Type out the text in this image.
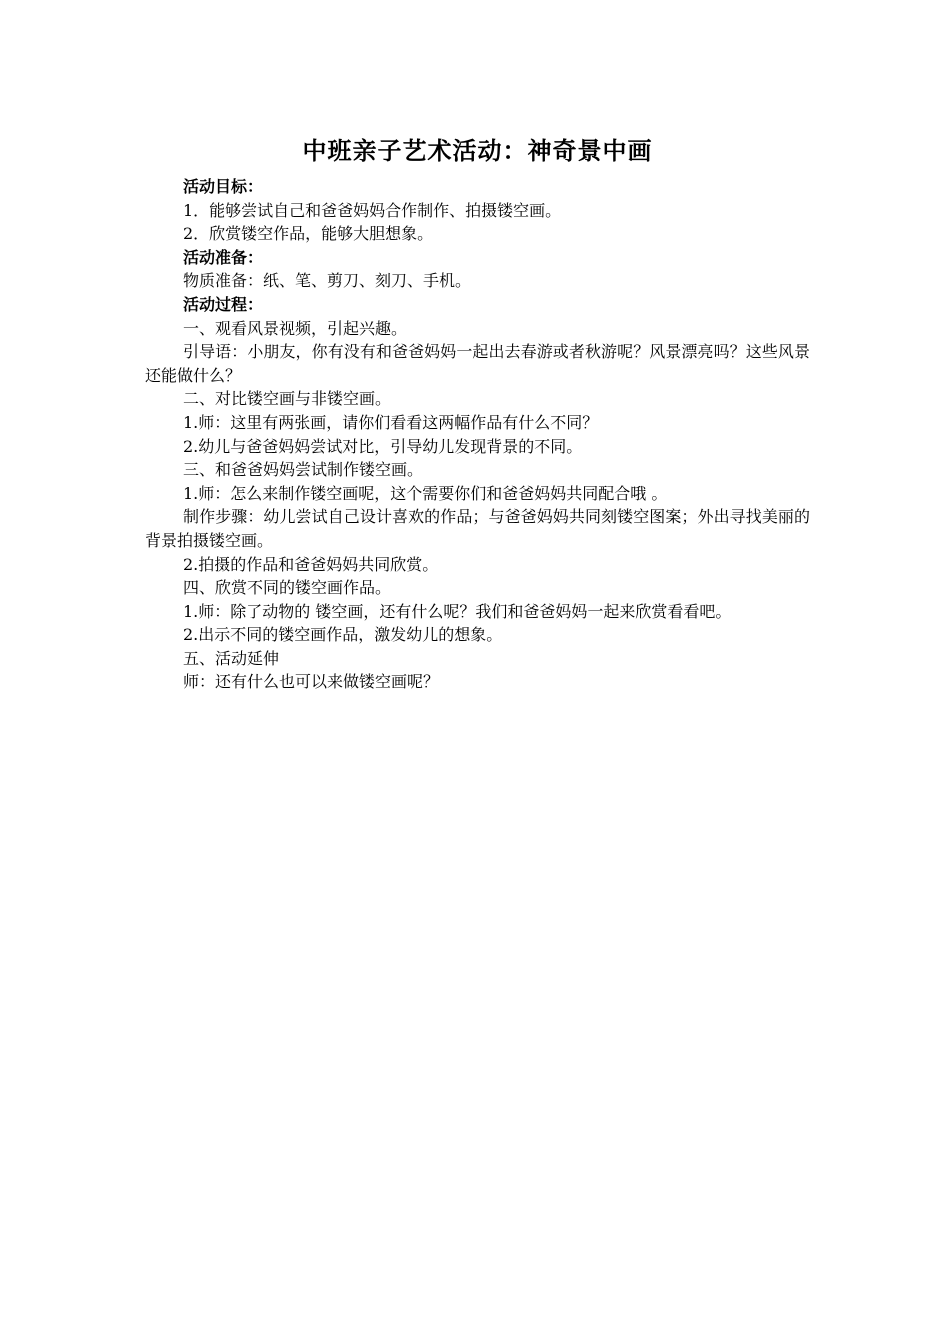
中班亲子艺术活动：神奇景中画

活动目标：

1．能够尝试自己和爸爸妈妈合作制作、拍摄镂空画。

2．欣赏镂空作品，能够大胆想象。

活动准备：

物质准备：纸、笔、剪刀、刻刀、手机。

活动过程：

一、观看风景视频，引起兴趣。

引导语：小朋友，你有没有和爸爸妈妈一起出去春游或者秋游呢？风景漂亮吗？这些风景还能做什么？

二、对比镂空画与非镂空画。

1.师：这里有两张画，请你们看看这两幅作品有什么不同？

2.幼儿与爸爸妈妈尝试对比，引导幼儿发现背景的不同。

三、和爸爸妈妈尝试制作镂空画。

1.师：怎么来制作镂空画呢，这个需要你们和爸爸妈妈共同配合哦 。

制作步骤：幼儿尝试自己设计喜欢的作品；与爸爸妈妈共同刻镂空图案；外出寻找美丽的背景拍摄镂空画。

2.拍摄的作品和爸爸妈妈共同欣赏。

四、欣赏不同的镂空画作品。

1.师：除了动物的 镂空画，还有什么呢？我们和爸爸妈妈一起来欣赏看看吧。

2.出示不同的镂空画作品，激发幼儿的想象。

五、活动延伸

师：还有什么也可以来做镂空画呢？
